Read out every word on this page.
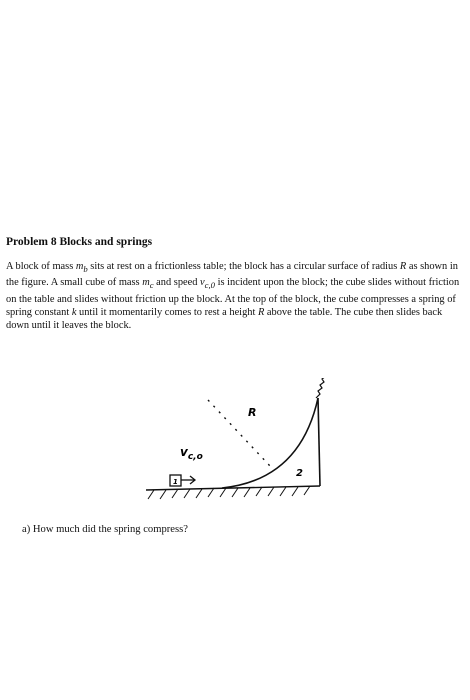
Problem 8 Blocks and springs

A block of mass $m_b$ sits at rest on a frictionless table; the block has a circular surface of radius R as shown in the figure. A small cube of mass $m_c$ and speed $v_{c,0}$ is incident upon the block; the cube slides without friction on the table and slides without friction up the block. At the top of the block, the cube compresses a spring of spring constant k until it momentarily comes to rest a height R above the table. The cube then slides back down until it leaves the block.

R
2
$v_{c,o}$
1

a) How much did the spring compress?
